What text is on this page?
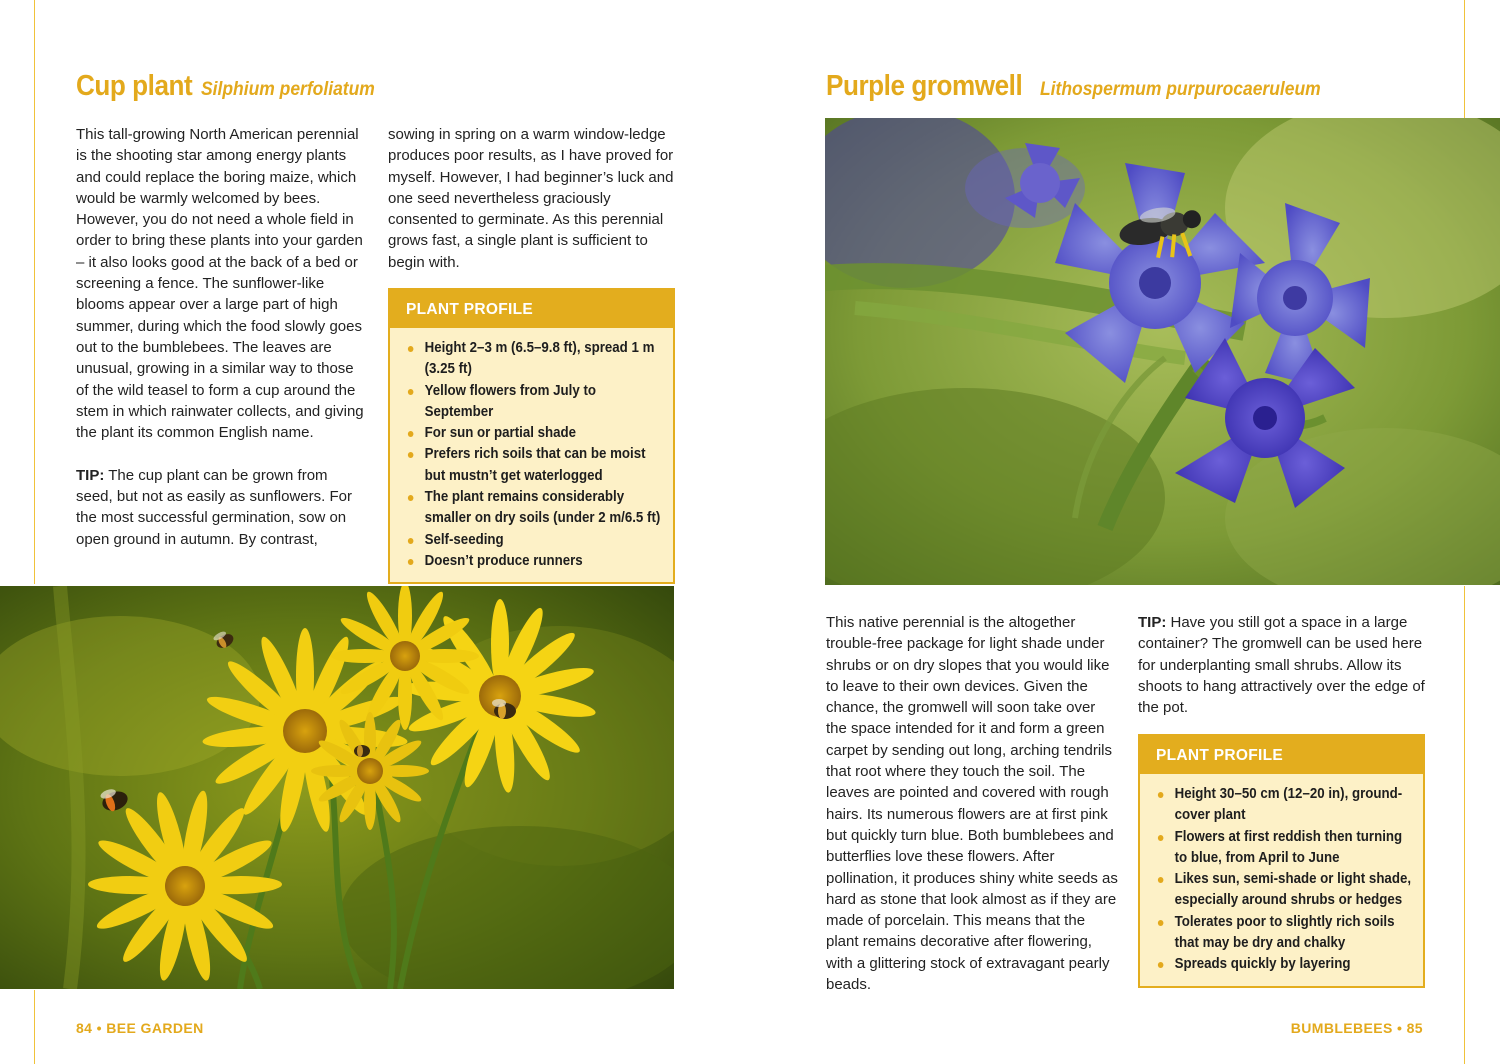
Cup plant Silphium perfoliatum

This tall-growing North American perennial is the shooting star among energy plants and could replace the boring maize, which would be warmly welcomed by bees. However, you do not need a whole field in order to bring these plants into your garden – it also looks good at the back of a bed or screening a fence. The sunflower-like blooms appear over a large part of high summer, during which the food slowly goes out to the bumblebees. The leaves are unusual, growing in a similar way to those of the wild teasel to form a cup around the stem in which rainwater collects, and giving the plant its common English name.

TIP: The cup plant can be grown from seed, but not as easily as sunflowers. For the most successful germination, sow on open ground in autumn. By contrast,

sowing in spring on a warm window-ledge produces poor results, as I have proved for myself. However, I had beginner’s luck and one seed nevertheless graciously consented to germinate. As this perennial grows fast, a single plant is sufficient to begin with.

PLANT PROFILE
Height 2–3 m (6.5–9.8 ft), spread 1 m (3.25 ft)
Yellow flowers from July to September
For sun or partial shade
Prefers rich soils that can be moist but mustn’t get waterlogged
The plant remains considerably smaller on dry soils (under 2 m/6.5 ft)
Self-seeding
Doesn’t produce runners
84 • BEE GARDEN
Purple gromwell Lithospermum purpurocaeruleum

This native perennial is the altogether trouble-free package for light shade under shrubs or on dry slopes that you would like to leave to their own devices. Given the chance, the gromwell will soon take over the space intended for it and form a green carpet by sending out long, arching tendrils that root where they touch the soil. The leaves are pointed and covered with rough hairs. Its numerous flowers are at first pink but quickly turn blue. Both bumblebees and butterflies love these flowers. After pollination, it produces shiny white seeds as hard as stone that look almost as if they are made of porcelain. This means that the plant remains decorative after flowering, with a glittering stock of extravagant pearly beads.

TIP: Have you still got a space in a large container? The gromwell can be used here for underplanting small shrubs. Allow its shoots to hang attractively over the edge of the pot.

PLANT PROFILE
Height 30–50 cm (12–20 in), ground-cover plant
Flowers at first reddish then turning to blue, from April to June
Likes sun, semi-shade or light shade, especially around shrubs or hedges
Tolerates poor to slightly rich soils that may be dry and chalky
Spreads quickly by layering
BUMBLEBEES • 85
